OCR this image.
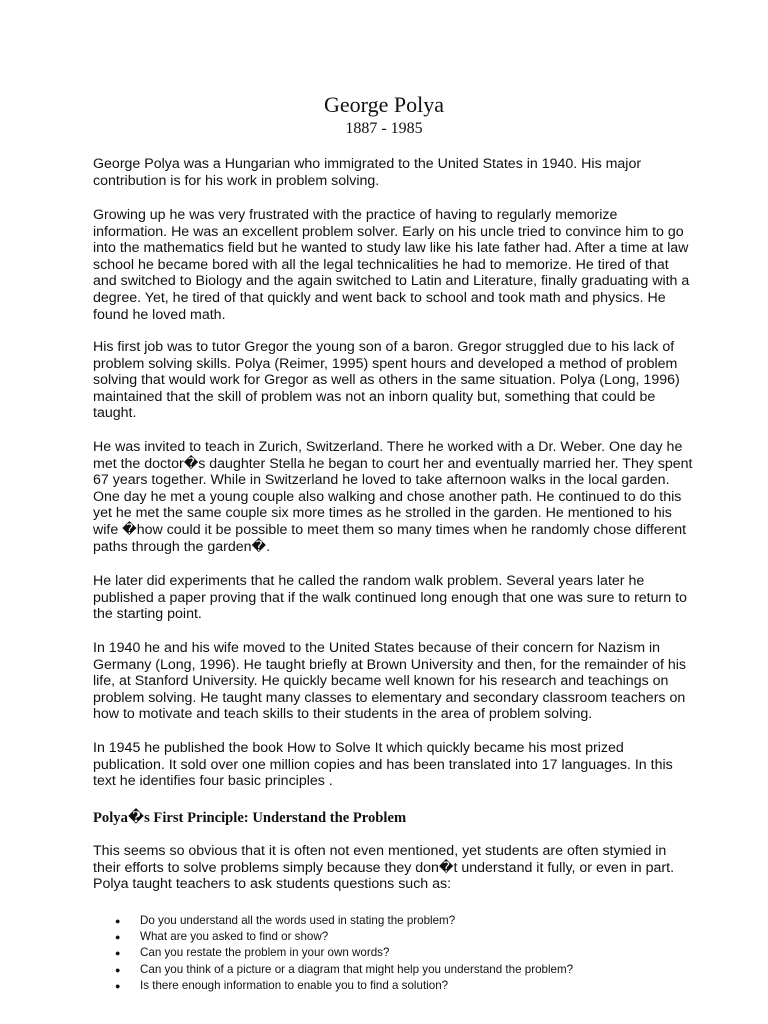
George Polya
1887 - 1985

George Polya was a Hungarian who immigrated to the United States in 1940. His major contribution is for his work in problem solving.

Growing up he was very frustrated with the practice of having to regularly memorize information. He was an excellent problem solver. Early on his uncle tried to convince him to go into the mathematics field but he wanted to study law like his late father had. After a time at law school he became bored with all the legal technicalities he had to memorize. He tired of that and switched to Biology and the again switched to Latin and Literature, finally graduating with a degree. Yet, he tired of that quickly and went back to school and took math and physics. He found he loved math.

His first job was to tutor Gregor the young son of a baron. Gregor struggled due to his lack of problem solving skills. Polya (Reimer, 1995) spent hours and developed a method of problem solving that would work for Gregor as well as others in the same situation. Polya (Long, 1996) maintained that the skill of problem was not an inborn quality but, something that could be taught.

He was invited to teach in Zurich, Switzerland. There he worked with a Dr. Weber. One day he met the doctor�s daughter Stella he began to court her and eventually married her. They spent 67 years together. While in Switzerland he loved to take afternoon walks in the local garden. One day he met a young couple also walking and chose another path. He continued to do this yet he met the same couple six more times as he strolled in the garden. He mentioned to his wife �how could it be possible to meet them so many times when he randomly chose different paths through the garden�.

He later did experiments that he called the random walk problem. Several years later he published a paper proving that if the walk continued long enough that one was sure to return to the starting point.

In 1940 he and his wife moved to the United States because of their concern for Nazism in Germany (Long, 1996). He taught briefly at Brown University and then, for the remainder of his life, at Stanford University. He quickly became well known for his research and teachings on problem solving. He taught many classes to elementary and secondary classroom teachers on how to motivate and teach skills to their students in the area of problem solving.

In 1945 he published the book How to Solve It which quickly became his most prized publication. It sold over one million copies and has been translated into 17 languages. In this text he identifies four basic principles .

Polya�s First Principle: Understand the Problem

This seems so obvious that it is often not even mentioned, yet students are often stymied in their efforts to solve problems simply because they don�t understand it fully, or even in part. Polya taught teachers to ask students questions such as:

● Do you understand all the words used in stating the problem?
● What are you asked to find or show?
● Can you restate the problem in your own words?
● Can you think of a picture or a diagram that might help you understand the problem?
● Is there enough information to enable you to find a solution?
